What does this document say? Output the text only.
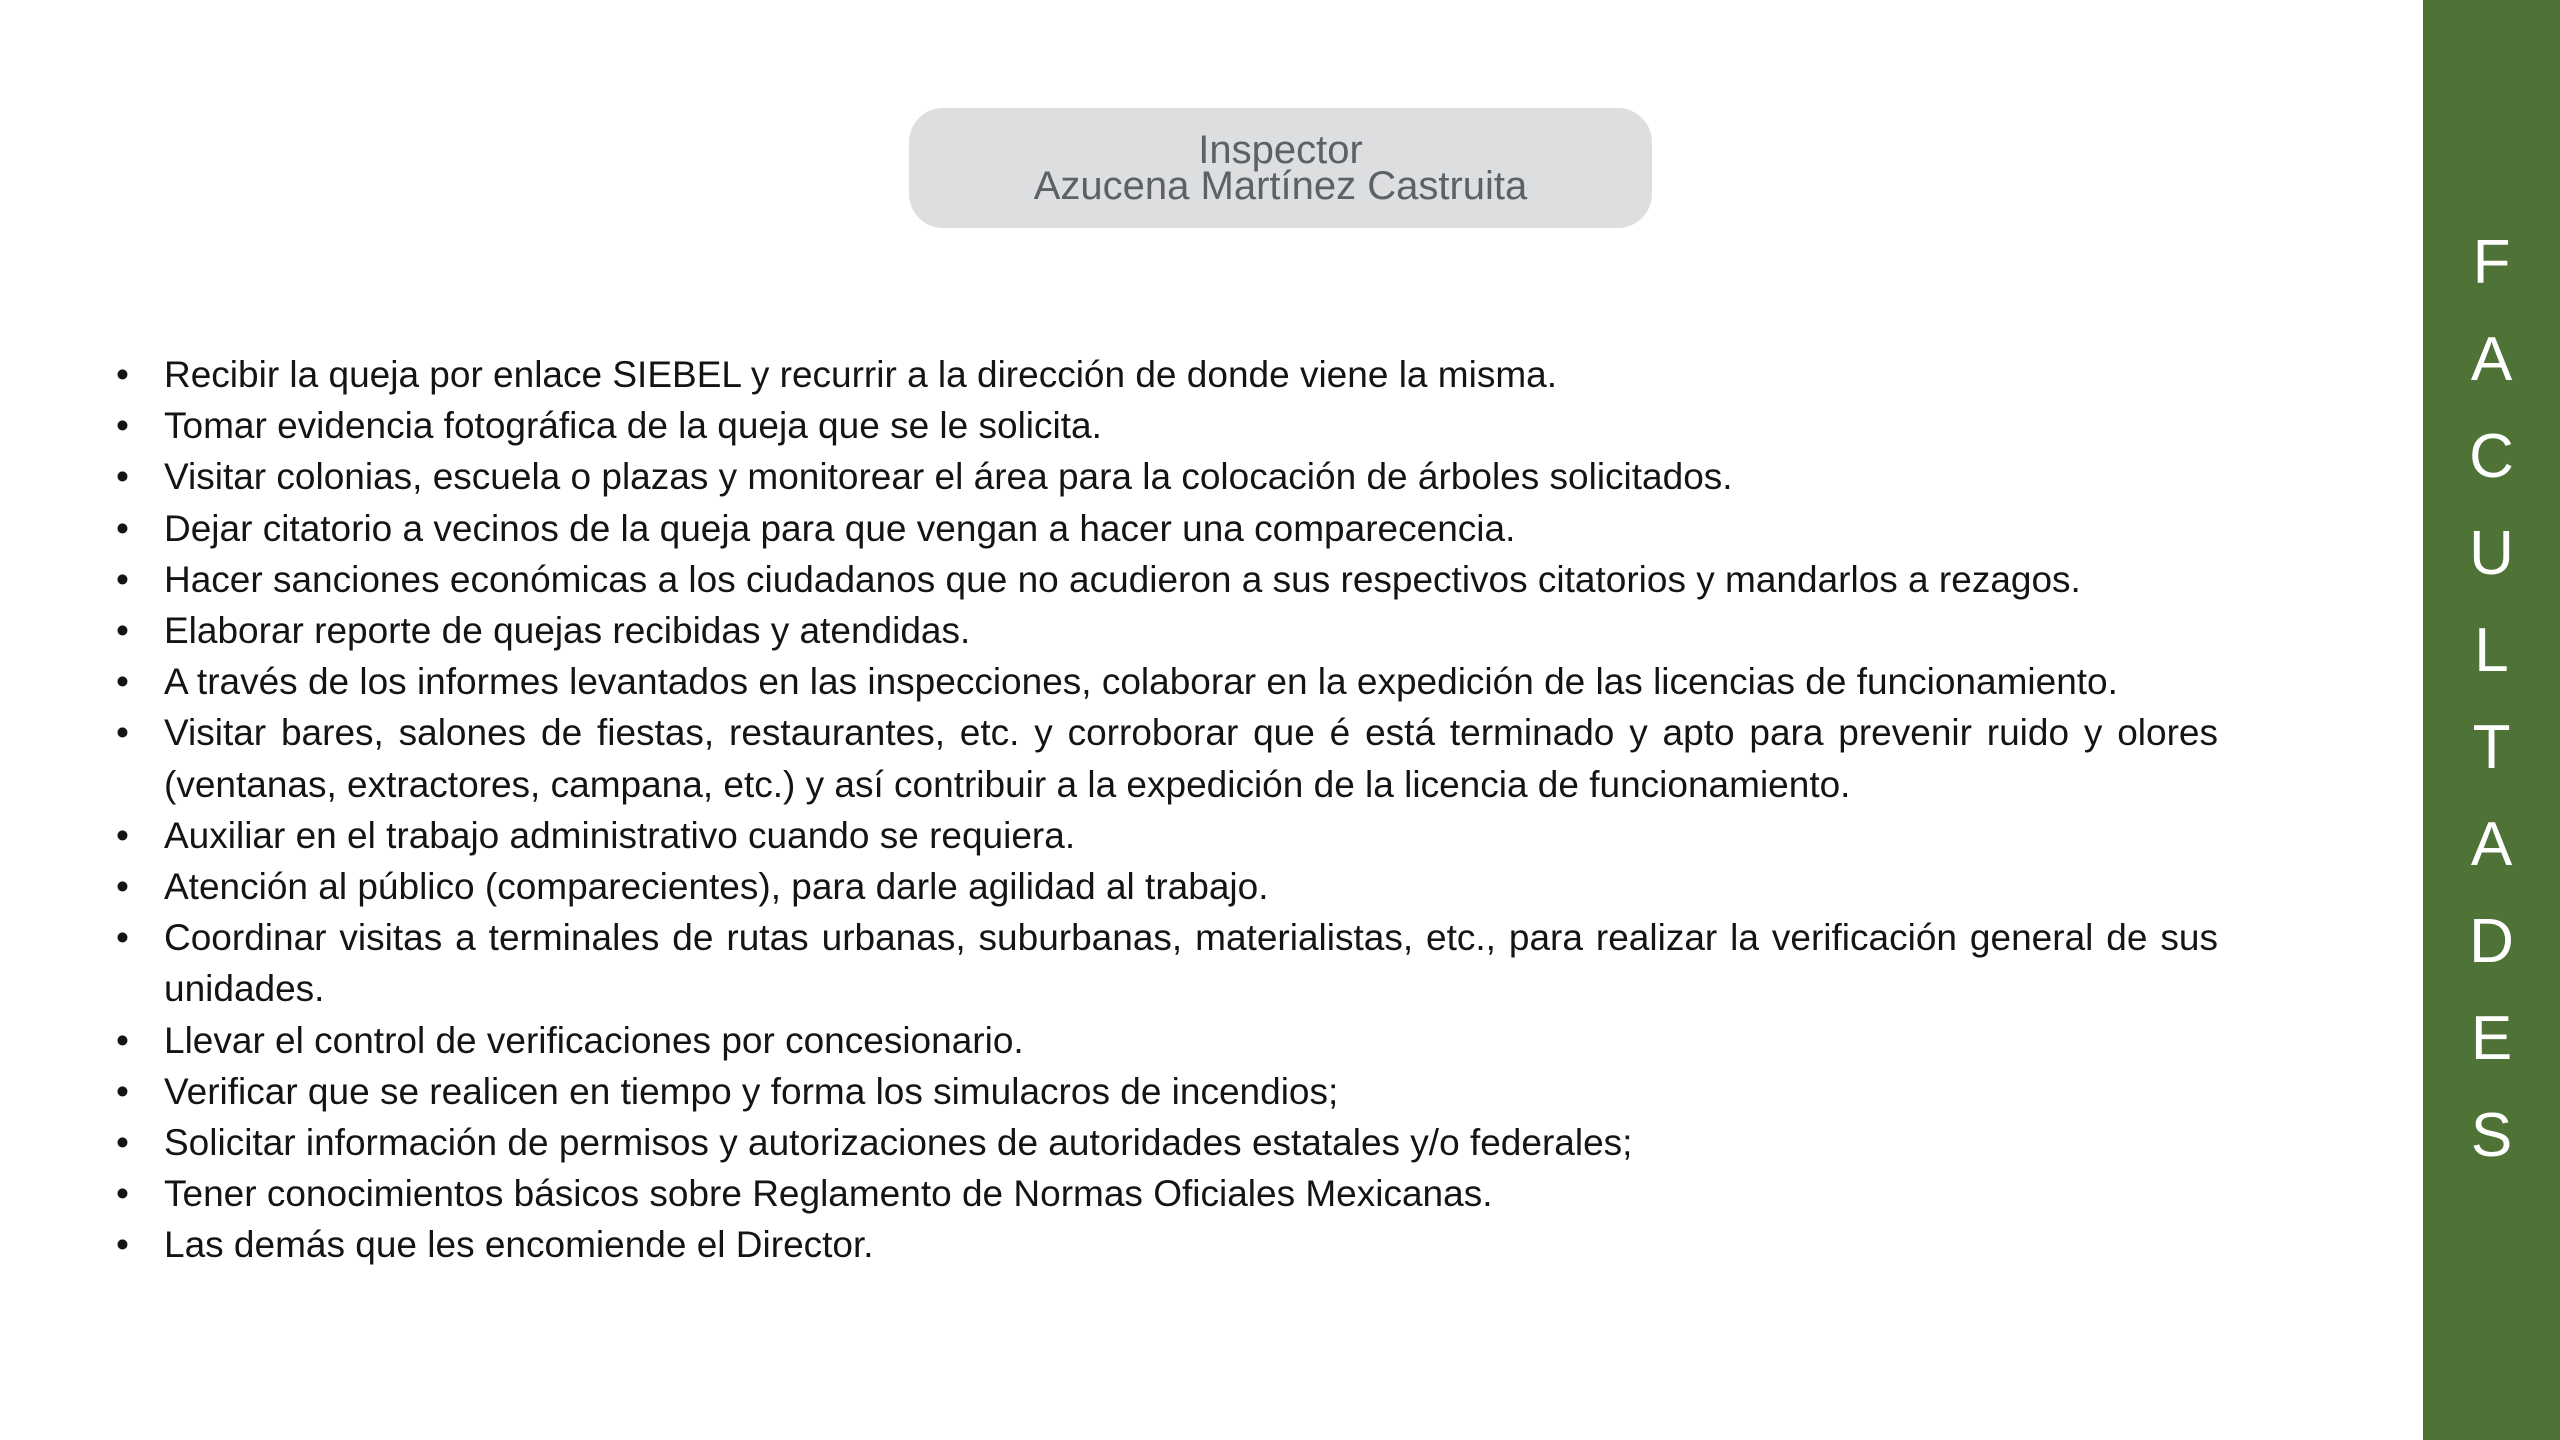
Inspector
Azucena Martínez Castruita
• Recibir la queja por enlace SIEBEL y recurrir a la dirección de donde viene la misma.
• Tomar evidencia fotográfica de la queja que se le solicita.
• Visitar colonias, escuela o plazas y monitorear el área para la colocación de árboles solicitados.
• Dejar citatorio a vecinos de la queja para que vengan a hacer una comparecencia.
• Hacer sanciones económicas a los ciudadanos que no acudieron a sus respectivos citatorios y mandarlos a rezagos.
• Elaborar reporte de quejas recibidas y atendidas.
• A través de los informes levantados en las inspecciones, colaborar en la expedición de las licencias de funcionamiento.
• Visitar bares, salones de fiestas, restaurantes, etc. y corroborar que é está terminado y apto para prevenir ruido y olores (ventanas, extractores, campana, etc.) y así contribuir a la expedición de la licencia de funcionamiento.
• Auxiliar en el trabajo administrativo cuando se requiera.
• Atención al público (comparecientes), para darle agilidad al trabajo.
• Coordinar visitas a terminales de rutas urbanas, suburbanas, materialistas, etc., para realizar la verificación general de sus unidades.
• Llevar el control de verificaciones por concesionario.
• Verificar que se realicen en tiempo y forma los simulacros de incendios;
• Solicitar información de permisos y autorizaciones de autoridades estatales y/o federales;
• Tener conocimientos básicos sobre Reglamento de Normas Oficiales Mexicanas.
• Las demás que les encomiende el Director.
F
A
C
U
L
T
A
D
E
S
